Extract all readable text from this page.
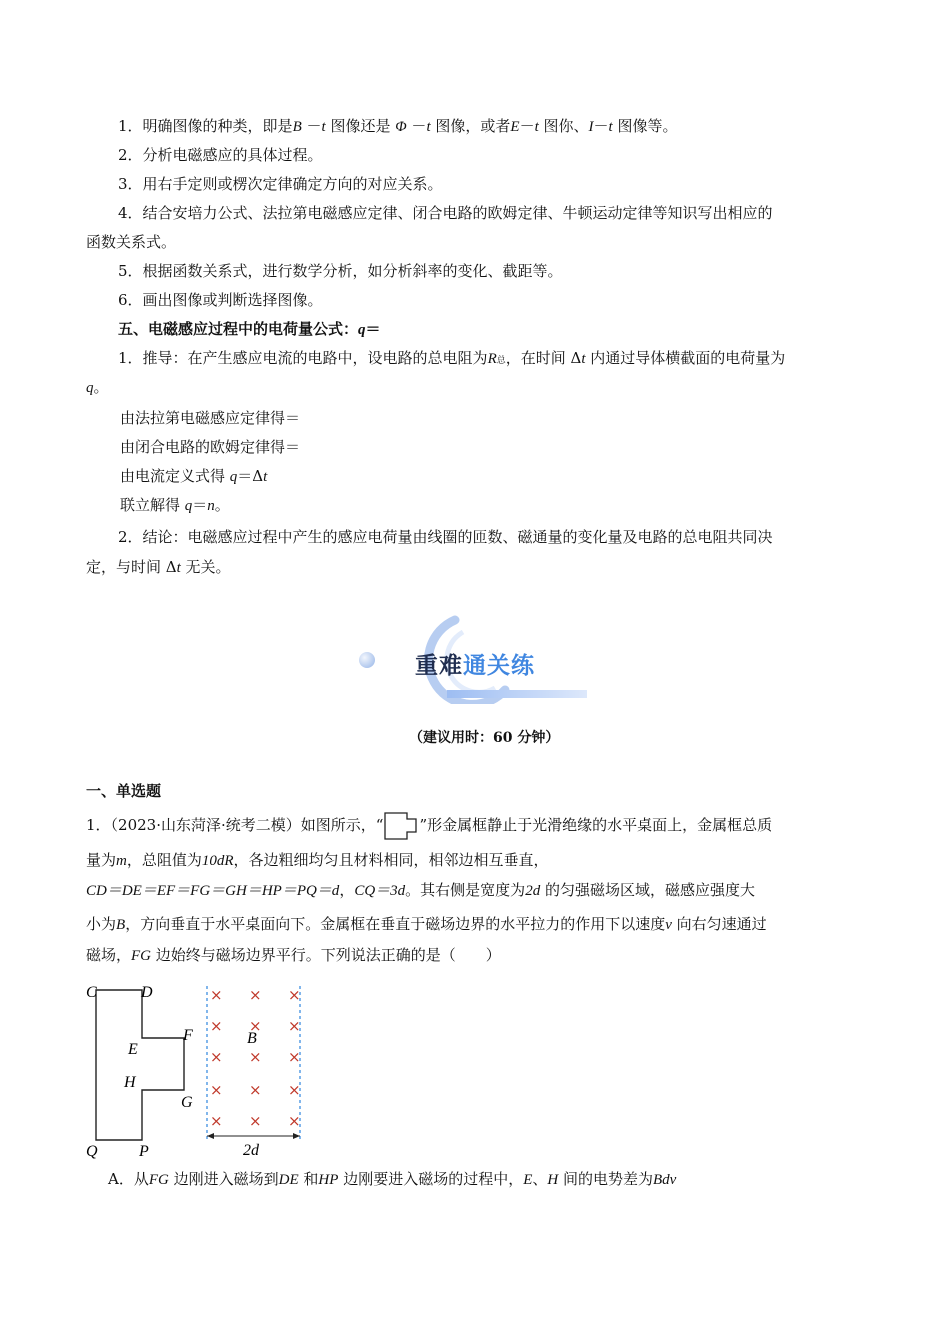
1．明确图像的种类，即是B －t 图像还是 Φ －t 图像，或者E－t 图你、I－t 图像等。
2．分析电磁感应的具体过程。
3．用右手定则或楞次定律确定方向的对应关系。
4．结合安培力公式、法拉第电磁感应定律、闭合电路的欧姆定律、牛顿运动定律等知识写出相应的
函数关系式。
5．根据函数关系式，进行数学分析，如分析斜率的变化、截距等。
6．画出图像或判断选择图像。
五、电磁感应过程中的电荷量公式：q＝
1．推导：在产生感应电流的电路中，设电路的总电阻为R总，在时间 Δt 内通过导体横截面的电荷量为
q。
由法拉第电磁感应定律得＝
由闭合电路的欧姆定律得＝
由电流定义式得 q＝Δt
联立解得 q＝n。
2．结论：电磁感应过程中产生的感应电荷量由线圈的匝数、磁通量的变化量及电路的总电阻共同决
定，与时间 Δt 无关。
重难通关练
（建议用时：60 分钟）
一、单选题
1．（2023·山东菏泽·统考二模）如图所示，“ ”形金属框静止于光滑绝缘的水平桌面上，金属框总质
量为m，总阻值为10dR，各边粗细均匀且材料相同，相邻边相互垂直，
CD＝DE＝EF＝FG＝GH＝HP＝PQ＝d，CQ＝3d。其右侧是宽度为2d 的匀强磁场区域，磁感应强度大
小为B，方向垂直于水平桌面向下。金属框在垂直于磁场边界的水平拉力的作用下以速度v 向右匀速通过
磁场，FG 边始终与磁场边界平行。下列说法正确的是（　　）
× × ×
× × ×
× × ×
× × ×
× × ×
C	D
E
F
G
H
P
Q
B
2d
A．从FG 边刚进入磁场到DE 和HP 边刚要进入磁场的过程中，E、H 间的电势差为Bdv
